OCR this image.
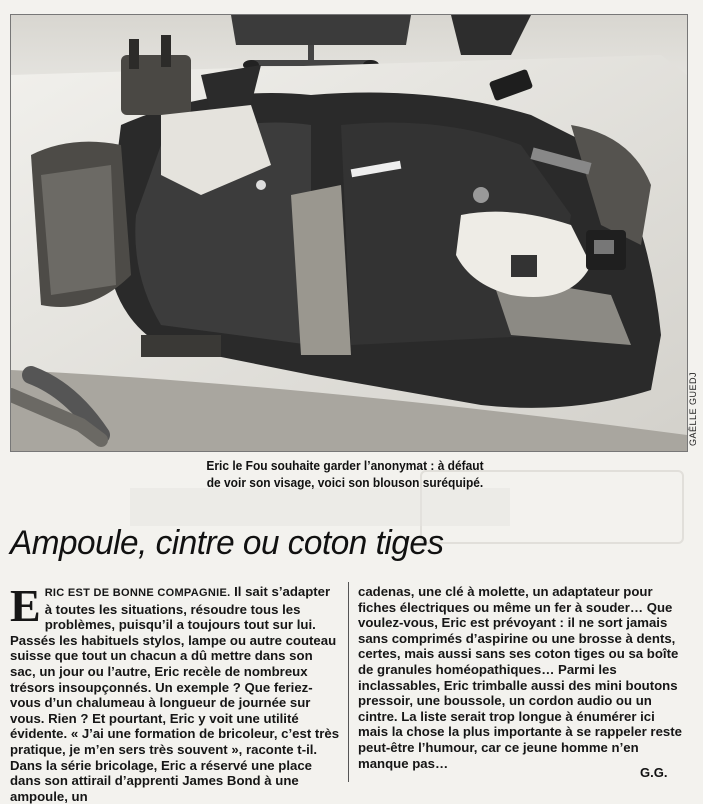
GAËLLE GUEDJ
Eric le Fou souhaite garder l’anonymat : à défaut
de voir son visage, voici son blouson suréquipé.
Ampoule, cintre ou coton tiges
ERIC EST DE BONNE COMPAGNIE. Il sait s’adapter à toutes les situations, résoudre tous les problèmes, puisqu’il a toujours tout sur lui. Passés les habituels stylos, lampe ou autre couteau suisse que tout un chacun a dû mettre dans son sac, un jour ou l’autre, Eric recèle de nombreux trésors insoupçonnés. Un exemple ? Que feriez-vous d’un chalumeau à longueur de journée sur vous. Rien ? Et pourtant, Eric y voit une utilité évidente. « J’ai une formation de bricoleur, c’est très pratique, je m’en sers très souvent », raconte t-il. Dans la série bricolage, Eric a réservé une place dans son attirail d’apprenti James Bond à une ampoule, un
cadenas, une clé à molette, un adaptateur pour fiches électriques ou même un fer à souder… Que voulez-vous, Eric est prévoyant : il ne sort jamais sans comprimés d’aspirine ou une brosse à dents, certes, mais aussi sans ses coton tiges ou sa boîte de granules homéopathiques… Parmi les inclassables, Eric trimballe aussi des mini boutons pressoir, une boussole, un cordon audio ou un cintre. La liste serait trop longue à énumérer ici mais la chose la plus importante à se rappeler reste peut-être l’humour, car ce jeune homme n’en manque pas…
G.G.
